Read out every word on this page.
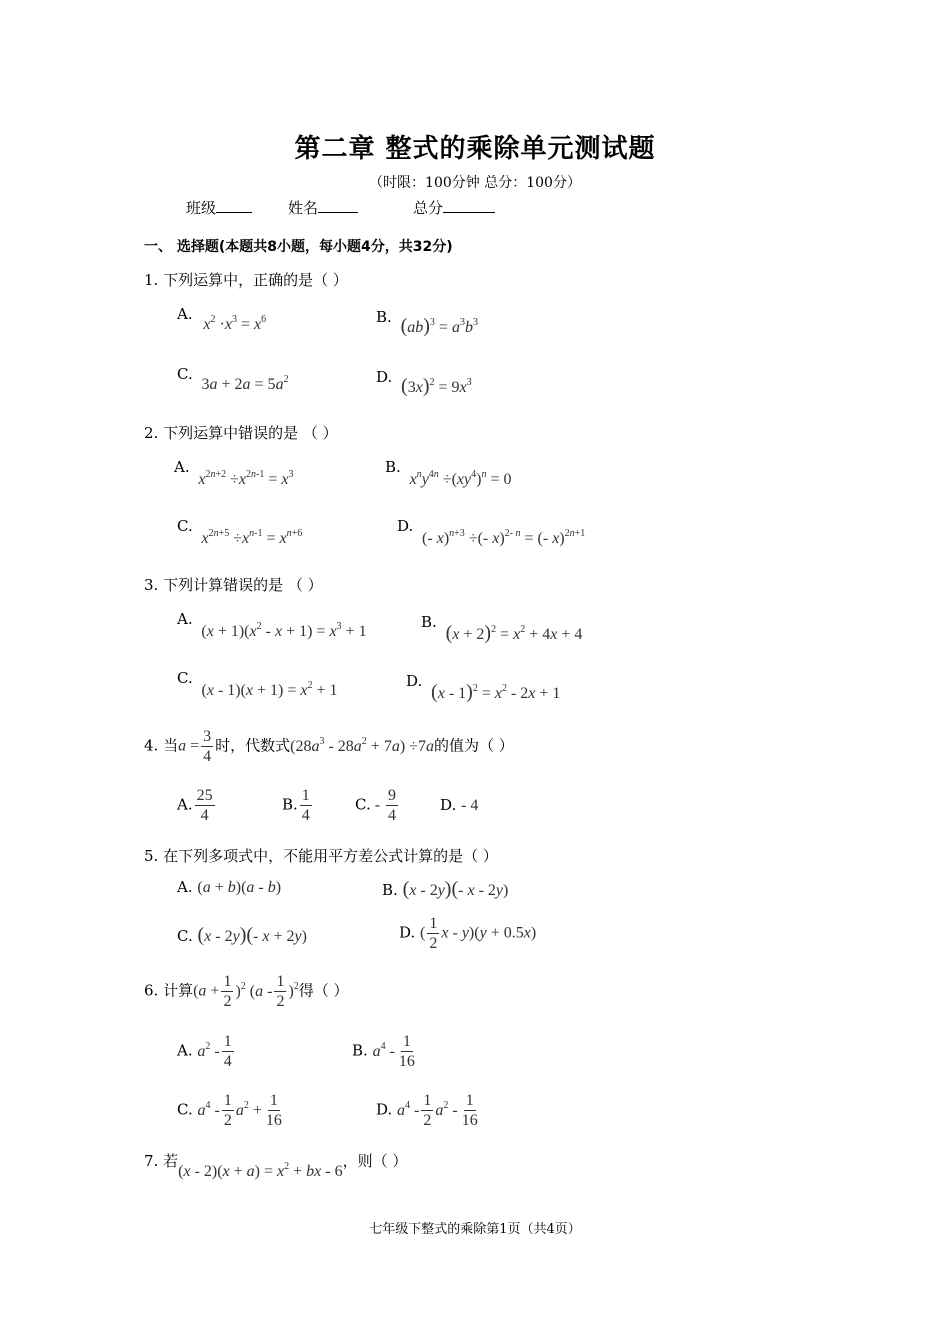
第二章 整式的乘除单元测试题
（时限：100分钟 总分：100分）
班级	姓名	总分
一、 选择题(本题共8小题，每小题4分，共32分)
1. 下列运算中，正确的是（ ）
A. $x^2 \cdot x^3 = x^6$	B. $(ab)^3 = a^3b^3$
C. $3a + 2a = 5a^2$	D. $(3x)^2 = 9x^3$
2. 下列运算中错误的是 （ ）
A. $x^{2n+2} \div x^{2n-1} = x^3$	B. $x^ny^{4n} \div(xy^4)^n = 0$
C. $x^{2n+5} \div x^{n-1} = x^{n+6}$	D. (- x)$^{n+3}$ ÷(- x)$^{2- n}$ = (- x)$^{2n+1}$
3. 下列计算错误的是 （ ）
A. $(x + 1)(x^2 - x + 1) = x^3 + 1$
B. $(x + 2)^2 = x^2 + 4x + 4$
C. $(x - 1)(x + 1) = x^2 + 1$
D. $(x - 1)^2 = x^2 - 2x + 1$
4. 当$a = \frac{3}{4}$ 时，代数式$(28a^3 - 28a^2 + 7a) \div 7a$的值为（ ）
A. $\frac{25}{4}$	B. $\frac{1}{4}$	C. - $\frac{9}{4}$	D. - 4
5. 在下列多项式中，不能用平方差公式计算的是（ ）
A. (a + b)(a - b)	B. (x - 2y)(- x - 2y)
C. (x - 2y)(- x + 2y)	D. ( $\frac{1}{2}$ x - y)(y + 0.5x)
6. 计算$(a + \frac{1}{2} )^2$ $(a - \frac{1}{2} )^2$得（ ）
A. $a^2 - \frac{1}{4}$	B. $a^4 - \frac{1}{16}$
C. $a^4 - \frac{1}{2} a^2 + \frac{1}{16}$	D. $a^4 - \frac{1}{2} a^2 - \frac{1}{16}$
7. 若$(x - 2)(x + a) = x^2$ + bx - 6，则（ ）
七年级下整式的乘除第1页（共4页）
